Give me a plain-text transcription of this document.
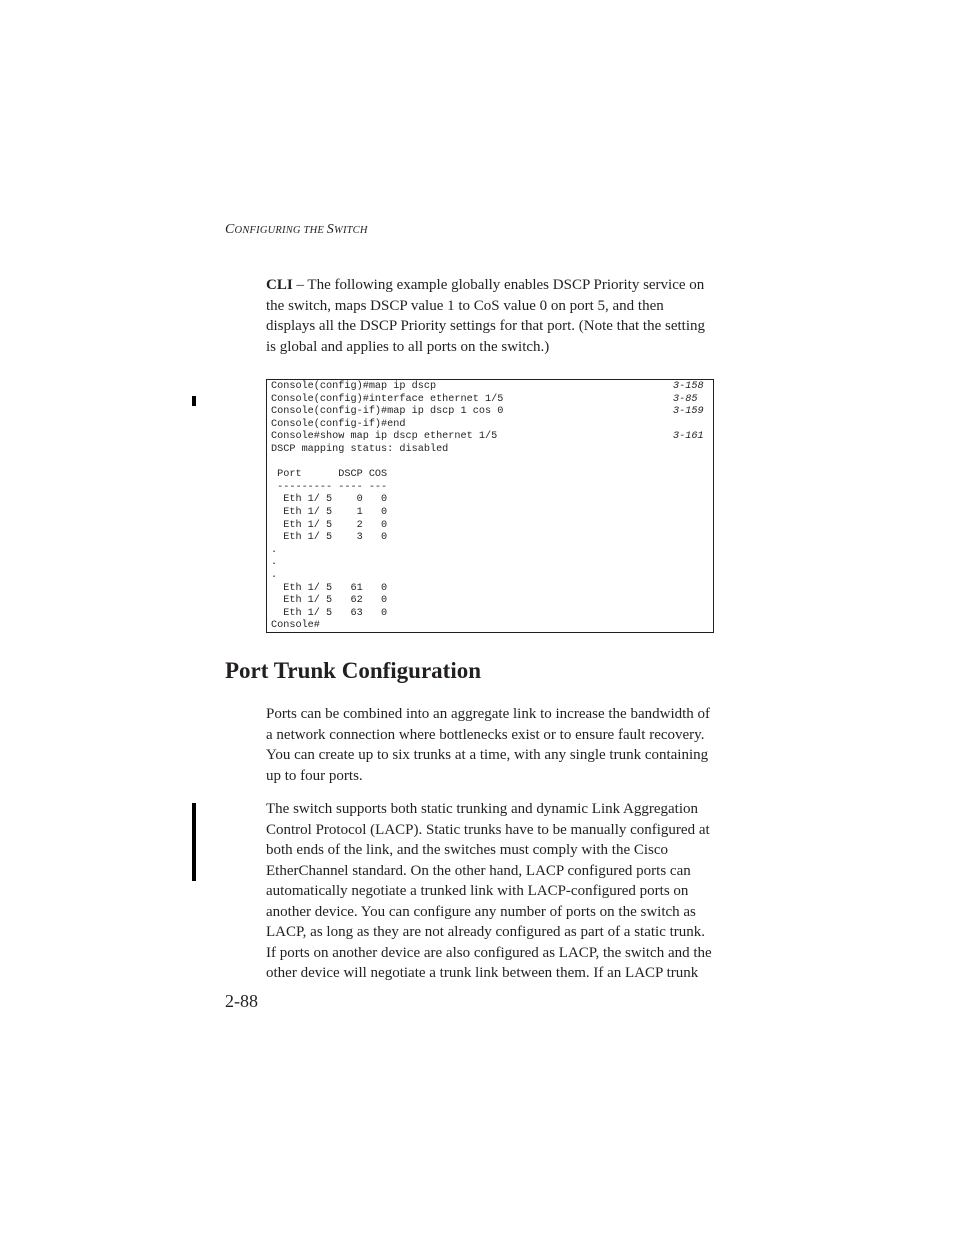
CONFIGURING THE SWITCH

CLI – The following example globally enables DSCP Priority service on the switch, maps DSCP value 1 to CoS value 0 on port 5, and then displays all the DSCP Priority settings for that port. (Note that the setting is global and applies to all ports on the switch.)

Console(config)#map ip dscp
Console(config)#interface ethernet 1/5
Console(config-if)#map ip dscp 1 cos 0
Console(config-if)#end
Console#show map ip dscp ethernet 1/5
DSCP mapping status: disabled
Port      DSCP COS
--------- ---- ---
Eth 1/ 5    0   0
Eth 1/ 5    1   0
Eth 1/ 5    2   0
Eth 1/ 5    3   0
.
.
.
Eth 1/ 5   61   0
Eth 1/ 5   62   0
Eth 1/ 5   63   0
Console#
3-158
3-85
3-159
3-161
Port Trunk Configuration

Ports can be combined into an aggregate link to increase the bandwidth of a network connection where bottlenecks exist or to ensure fault recovery. You can create up to six trunks at a time, with any single trunk containing up to four ports.

The switch supports both static trunking and dynamic Link Aggregation Control Protocol (LACP). Static trunks have to be manually configured at both ends of the link, and the switches must comply with the Cisco EtherChannel standard. On the other hand, LACP configured ports can automatically negotiate a trunked link with LACP-configured ports on another device. You can configure any number of ports on the switch as LACP, as long as they are not already configured as part of a static trunk. If ports on another device are also configured as LACP, the switch and the other device will negotiate a trunk link between them. If an LACP trunk

2-88
